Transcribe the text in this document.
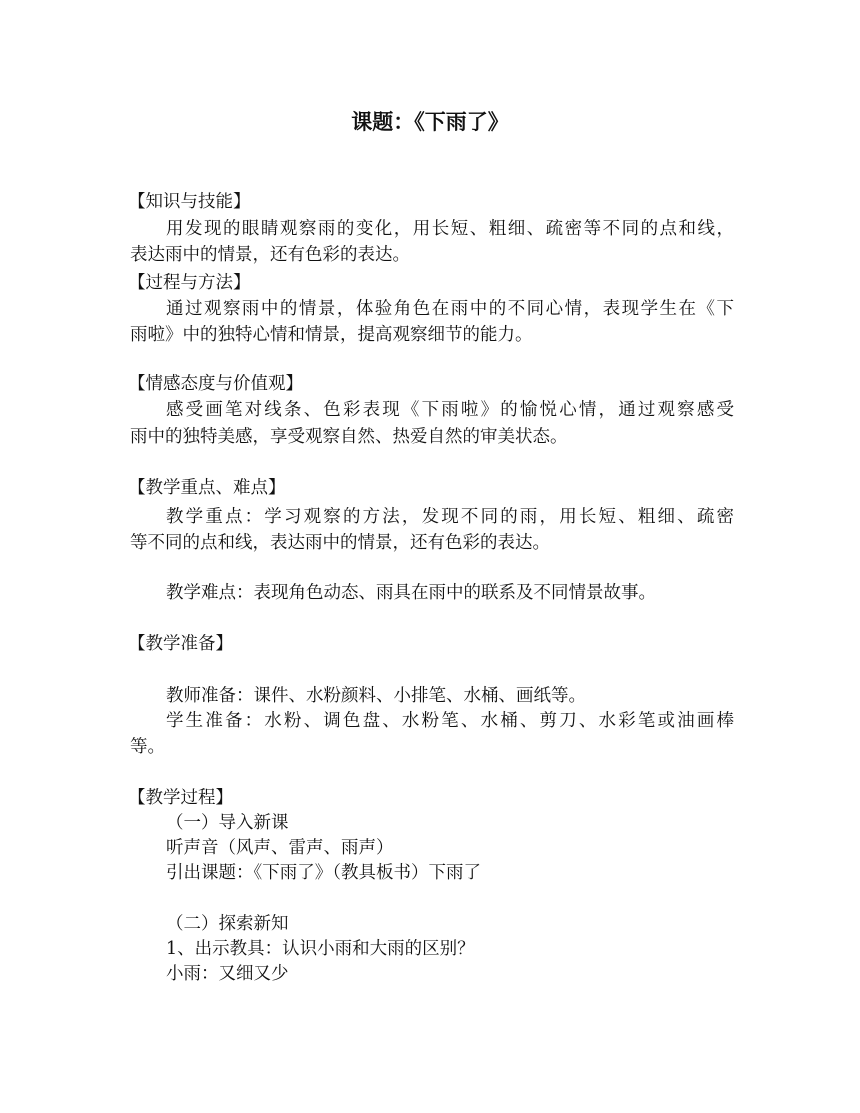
课题：《下雨了》
【知识与技能】
用发现的眼睛观察雨的变化，用长短、粗细、疏密等不同的点和线，
表达雨中的情景，还有色彩的表达。
【过程与方法】
通过观察雨中的情景，体验角色在雨中的不同心情，表现学生在《下
雨啦》中的独特心情和情景，提高观察细节的能力。
【情感态度与价值观】
感受画笔对线条、色彩表现《下雨啦》的愉悦心情，通过观察感受
雨中的独特美感，享受观察自然、热爱自然的审美状态。
【教学重点、难点】
教学重点：学习观察的方法，发现不同的雨，用长短、粗细、疏密
等不同的点和线，表达雨中的情景，还有色彩的表达。
教学难点：表现角色动态、雨具在雨中的联系及不同情景故事。
【教学准备】
教师准备：课件、水粉颜料、小排笔、水桶、画纸等。
学生准备：水粉、调色盘、水粉笔、水桶、剪刀、水彩笔或油画棒
等。
【教学过程】
（一）导入新课
听声音（风声、雷声、雨声）
引出课题：《下雨了》（教具板书）下雨了
（二）探索新知
1、出示教具：认识小雨和大雨的区别？
小雨：又细又少
